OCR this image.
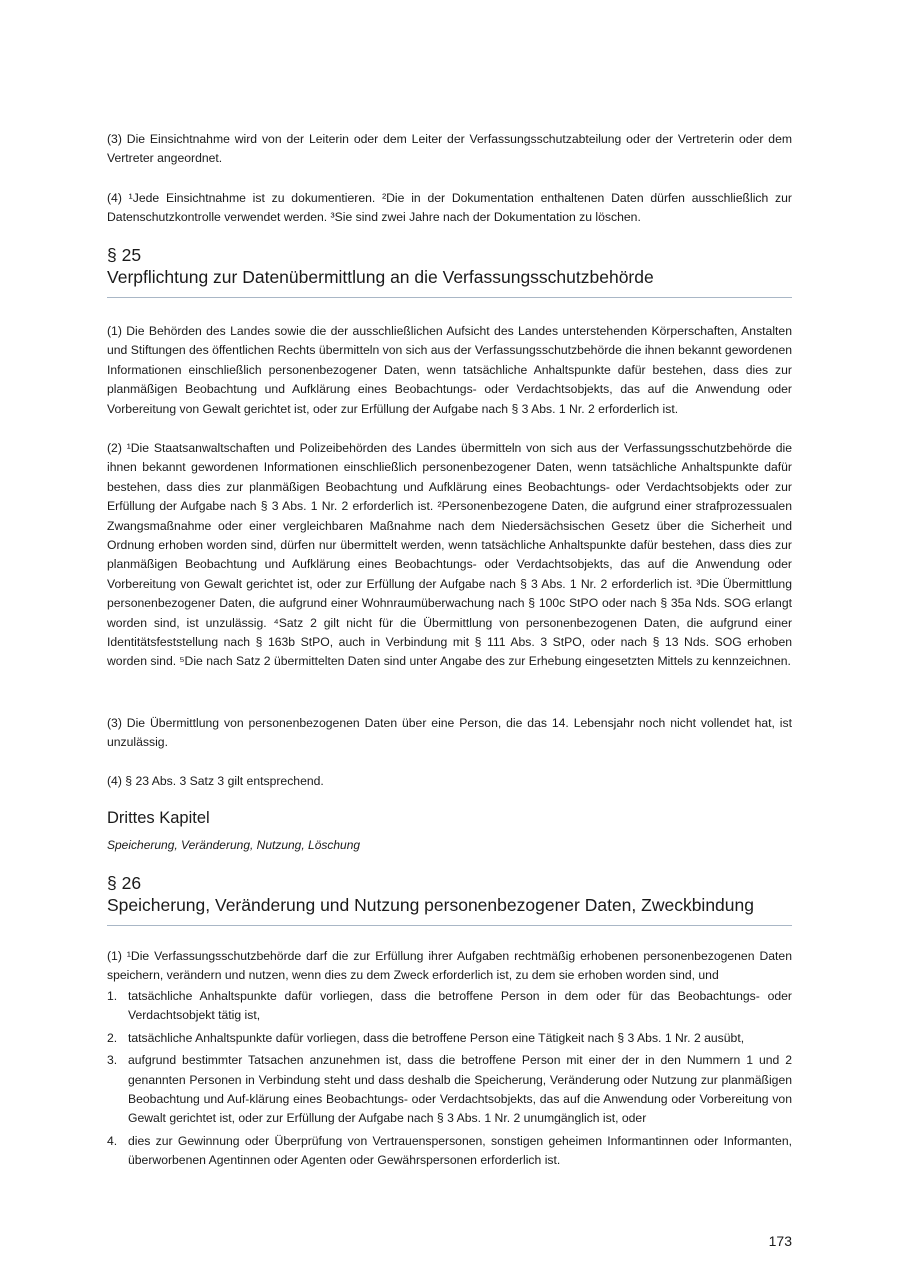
(3) Die Einsichtnahme wird von der Leiterin oder dem Leiter der Verfassungsschutzabteilung oder der Vertreterin oder dem Vertreter angeordnet.

(4) ¹Jede Einsichtnahme ist zu dokumentieren. ²Die in der Dokumentation enthaltenen Daten dürfen ausschließlich zur Datenschutzkontrolle verwendet werden. ³Sie sind zwei Jahre nach der Dokumentation zu löschen.

§ 25
Verpflichtung zur Datenübermittlung an die Verfassungsschutzbehörde

(1) Die Behörden des Landes sowie die der ausschließlichen Aufsicht des Landes unterstehenden Körperschaften, Anstalten und Stiftungen des öffentlichen Rechts übermitteln von sich aus der Verfassungsschutzbehörde die ihnen bekannt gewordenen Informationen einschließlich personenbezogener Daten, wenn tatsächliche Anhaltspunkte dafür bestehen, dass dies zur planmäßigen Beobachtung und Aufklärung eines Beobachtungs- oder Verdachtsobjekts, das auf die Anwendung oder Vorbereitung von Gewalt gerichtet ist, oder zur Erfüllung der Aufgabe nach § 3 Abs. 1 Nr. 2 erforderlich ist.

(2) ¹Die Staatsanwaltschaften und Polizeibehörden des Landes übermitteln von sich aus der Verfassungsschutzbehörde die ihnen bekannt gewordenen Informationen einschließlich personenbezogener Daten, wenn tatsächliche Anhaltspunkte dafür bestehen, dass dies zur planmäßigen Beobachtung und Aufklärung eines Beobachtungs- oder Verdachtsobjekts oder zur Erfüllung der Aufgabe nach § 3 Abs. 1 Nr. 2 erforderlich ist. ²Personenbezogene Daten, die aufgrund einer strafprozessualen Zwangsmaßnahme oder einer vergleichbaren Maßnahme nach dem Niedersächsischen Gesetz über die Sicherheit und Ordnung erhoben worden sind, dürfen nur übermittelt werden, wenn tatsächliche Anhaltspunkte dafür bestehen, dass dies zur planmäßigen Beobachtung und Aufklärung eines Beobachtungs- oder Verdachtsobjekts, das auf die Anwendung oder Vorbereitung von Gewalt gerichtet ist, oder zur Erfüllung der Aufgabe nach § 3 Abs. 1 Nr. 2 erforderlich ist. ³Die Übermittlung personenbezogener Daten, die aufgrund einer Wohnraumüberwachung nach § 100c StPO oder nach § 35a Nds. SOG erlangt worden sind, ist unzulässig. ⁴Satz 2 gilt nicht für die Übermittlung von personenbezogenen Daten, die aufgrund einer Identitätsfeststellung nach § 163b StPO, auch in Verbindung mit § 111 Abs. 3 StPO, oder nach § 13 Nds. SOG erhoben worden sind. ⁵Die nach Satz 2 übermittelten Daten sind unter Angabe des zur Erhebung eingesetzten Mittels zu kennzeichnen.

(3) Die Übermittlung von personenbezogenen Daten über eine Person, die das 14. Lebensjahr noch nicht vollendet hat, ist unzulässig.

(4) § 23 Abs. 3 Satz 3 gilt entsprechend.

Drittes Kapitel

Speicherung, Veränderung, Nutzung, Löschung

§ 26
Speicherung, Veränderung und Nutzung personenbezogener Daten, Zweckbindung

(1) ¹Die Verfassungsschutzbehörde darf die zur Erfüllung ihrer Aufgaben rechtmäßig erhobenen personenbezogenen Daten speichern, verändern und nutzen, wenn dies zu dem Zweck erforderlich ist, zu dem sie erhoben worden sind, und

1. tatsächliche Anhaltspunkte dafür vorliegen, dass die betroffene Person in dem oder für das Beobachtungs- oder Verdachtsobjekt tätig ist,
2. tatsächliche Anhaltspunkte dafür vorliegen, dass die betroffene Person eine Tätigkeit nach § 3 Abs. 1 Nr. 2 ausübt,
3. aufgrund bestimmter Tatsachen anzunehmen ist, dass die betroffene Person mit einer der in den Nummern 1 und 2 genannten Personen in Verbindung steht und dass deshalb die Speicherung, Veränderung oder Nutzung zur planmäßigen Beobachtung und Auf-klärung eines Beobachtungs- oder Verdachtsobjekts, das auf die Anwendung oder Vorbereitung von Gewalt gerichtet ist, oder zur Erfüllung der Aufgabe nach § 3 Abs. 1 Nr. 2 unumgänglich ist, oder
4. dies zur Gewinnung oder Überprüfung von Vertrauenspersonen, sonstigen geheimen Informantinnen oder Informanten, überworbenen Agentinnen oder Agenten oder Gewährspersonen erforderlich ist.
173
